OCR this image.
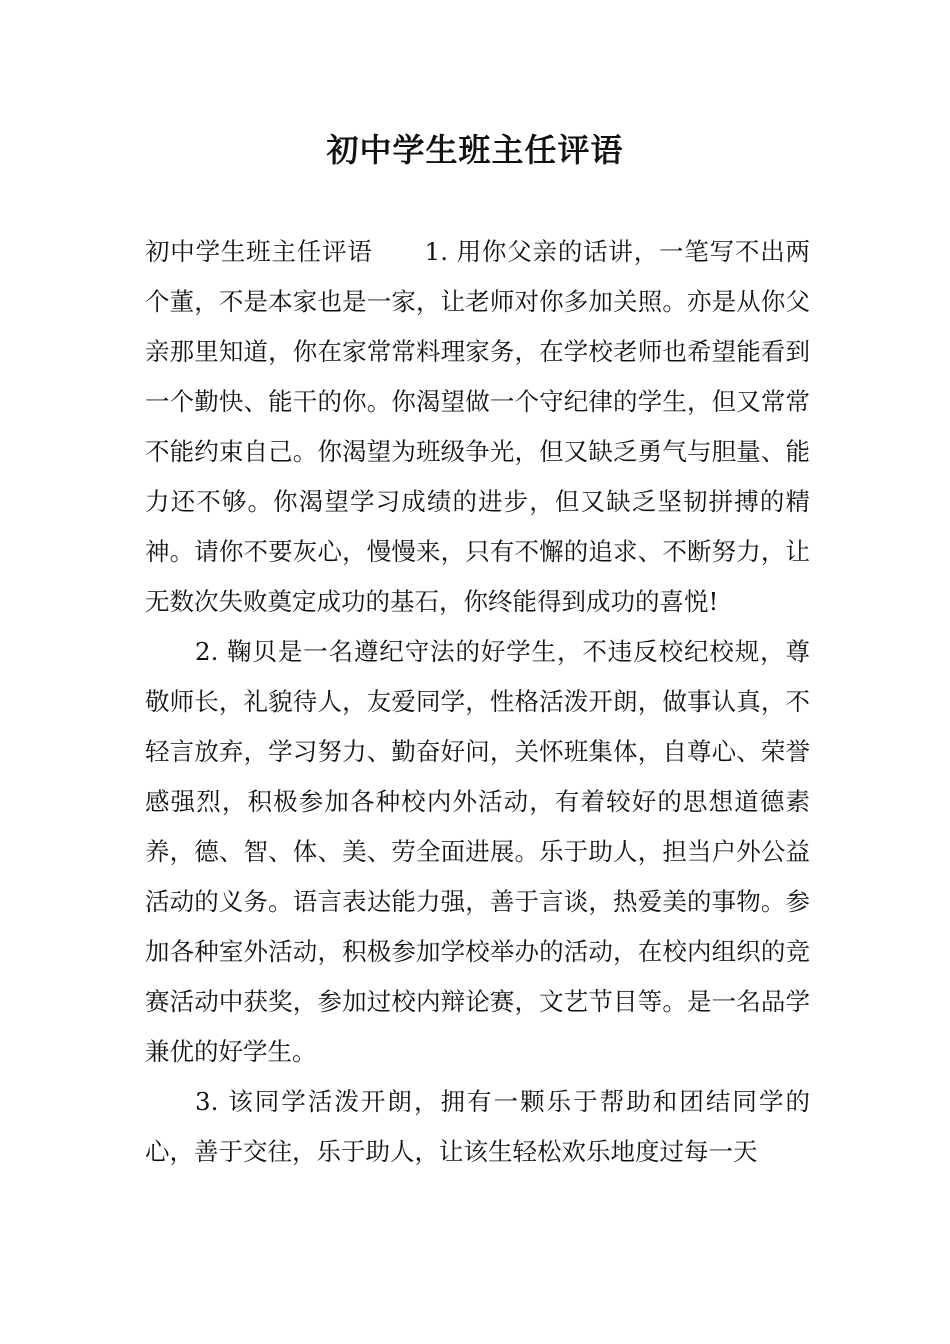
初中学生班主任评语

初中学生班主任评语 1. 用你父亲的话讲，一笔写不出两个董，不是本家也是一家，让老师对你多加关照。亦是从你父亲那里知道，你在家常常料理家务，在学校老师也希望能看到一个勤快、能干的你。你渴望做一个守纪律的学生，但又常常不能约束自己。你渴望为班级争光，但又缺乏勇气与胆量、能力还不够。你渴望学习成绩的进步，但又缺乏坚韧拼搏的精神。请你不要灰心，慢慢来，只有不懈的追求、不断努力，让无数次失败奠定成功的基石，你终能得到成功的喜悦!

2. 鞠贝是一名遵纪守法的好学生，不违反校纪校规，尊敬师长，礼貌待人，友爱同学，性格活泼开朗，做事认真，不轻言放弃，学习努力、勤奋好问，关怀班集体，自尊心、荣誉感强烈，积极参加各种校内外活动，有着较好的思想道德素养，德、智、体、美、劳全面进展。乐于助人，担当户外公益活动的义务。语言表达能力强，善于言谈，热爱美的事物。参加各种室外活动，积极参加学校举办的活动，在校内组织的竞赛活动中获奖，参加过校内辩论赛，文艺节目等。是一名品学兼优的好学生。

3. 该同学活泼开朗，拥有一颗乐于帮助和团结同学的心，善于交往，乐于助人，让该生轻松欢乐地度过每一天
